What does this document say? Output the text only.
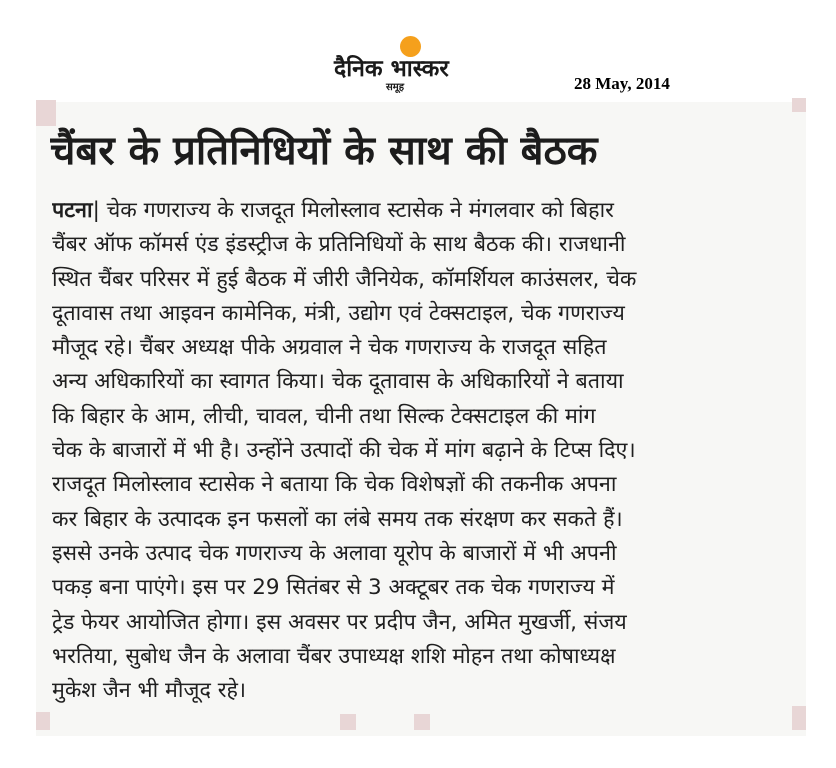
दैनिक भास्कर
समूह	28 May, 2014
चैंबर के प्रतिनिधियों के साथ की बैठक
पटना| चेक गणराज्य के राजदूत मिलोस्लाव स्टासेक ने मंगलवार को बिहार
चैंबर ऑफ कॉमर्स एंड इंडस्ट्रीज के प्रतिनिधियों के साथ बैठक की। राजधानी
स्थित चैंबर परिसर में हुई बैठक में जीरी जैनियेक, कॉमर्शियल काउंसलर, चेक
दूतावास तथा आइवन कामेनिक, मंत्री, उद्योग एवं टेक्सटाइल, चेक गणराज्य
मौजूद रहे। चैंबर अध्यक्ष पीके अग्रवाल ने चेक गणराज्य के राजदूत सहित
अन्य अधिकारियों का स्वागत किया। चेक दूतावास के अधिकारियों ने बताया
कि बिहार के आम, लीची, चावल, चीनी तथा सिल्क टेक्सटाइल की मांग
चेक के बाजारों में भी है। उन्होंने उत्पादों की चेक में मांग बढ़ाने के टिप्स दिए।
राजदूत मिलोस्लाव स्टासेक ने बताया कि चेक विशेषज्ञों की तकनीक अपना
कर बिहार के उत्पादक इन फसलों का लंबे समय तक संरक्षण कर सकते हैं।
इससे उनके उत्पाद चेक गणराज्य के अलावा यूरोप के बाजारों में भी अपनी
पकड़ बना पाएंगे। इस पर 29 सितंबर से 3 अक्टूबर तक चेक गणराज्य में
ट्रेड फेयर आयोजित होगा। इस अवसर पर प्रदीप जैन, अमित मुखर्जी, संजय
भरतिया, सुबोध जैन के अलावा चैंबर उपाध्यक्ष शशि मोहन तथा कोषाध्यक्ष
मुकेश जैन भी मौजूद रहे।
